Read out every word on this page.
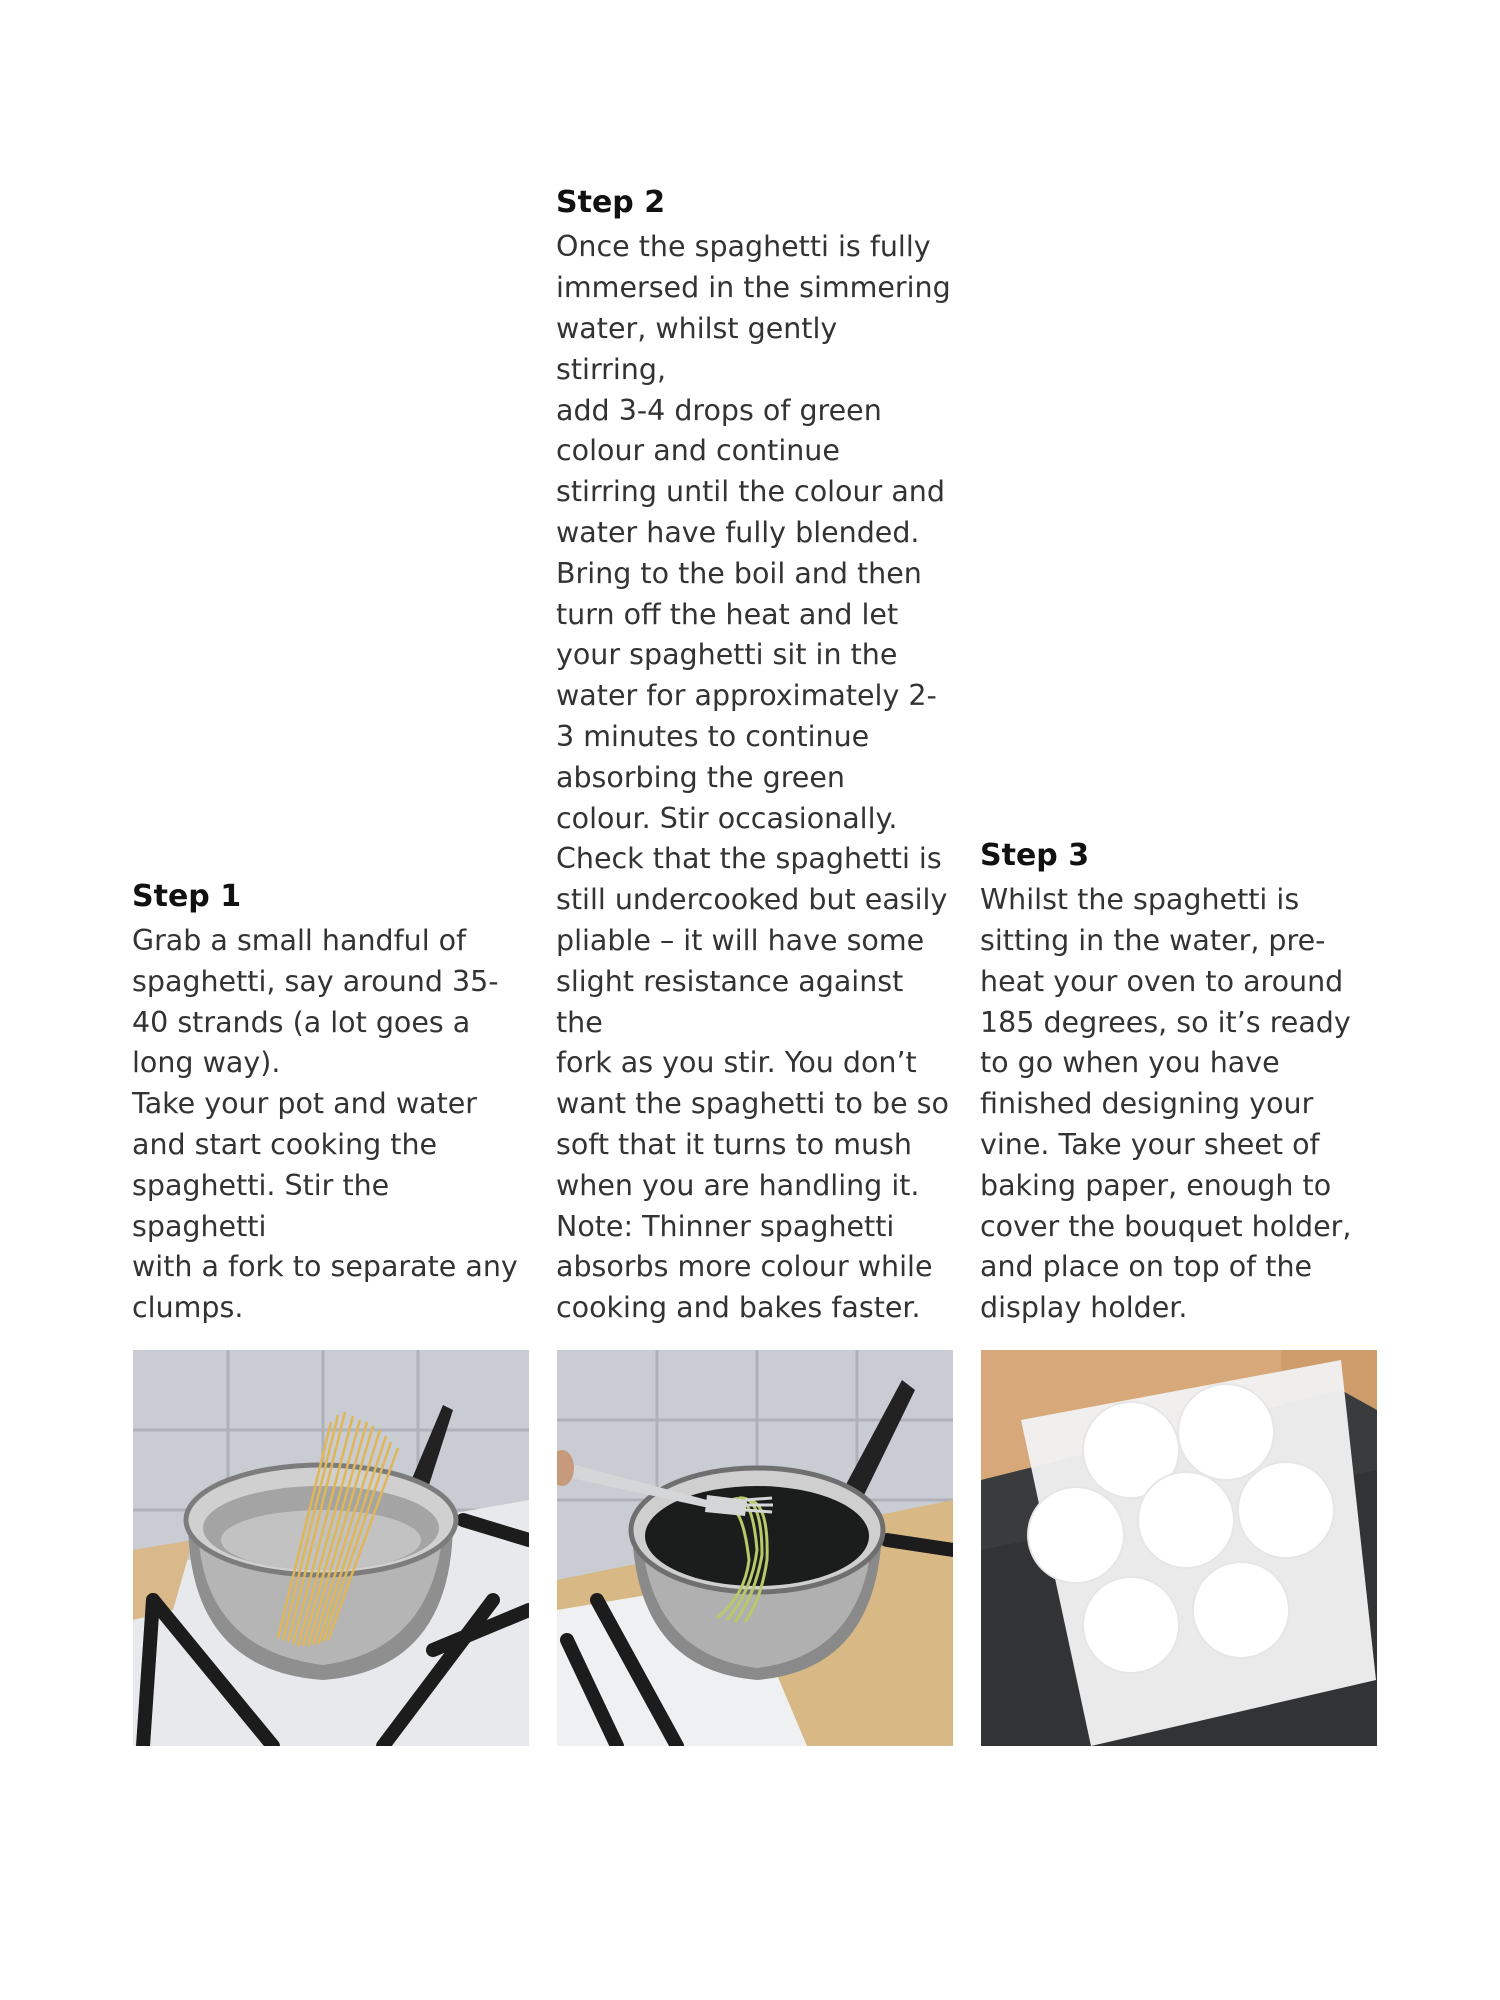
Step 1

Grab a small handful of
spaghetti, say around 35-
40 strands (a lot goes a
long way).
Take your pot and water
and start cooking the
spaghetti. Stir the spaghetti
with a fork to separate any
clumps.

Step 2

Once the spaghetti is fully
immersed in the simmering
water, whilst gently stirring,
add 3-4 drops of green
colour and continue
stirring until the colour and
water have fully blended.
Bring to the boil and then
turn off the heat and let
your spaghetti sit in the
water for approximately 2-
3 minutes to continue
absorbing the green
colour. Stir occasionally.
Check that the spaghetti is
still undercooked but easily
pliable – it will have some
slight resistance against the
fork as you stir. You don’t
want the spaghetti to be so
soft that it turns to mush
when you are handling it.
Note: Thinner spaghetti
absorbs more colour while
cooking and bakes faster.

Step 3

Whilst the spaghetti is
sitting in the water, pre-
heat your oven to around
185 degrees, so it’s ready
to go when you have
finished designing your
vine. Take your sheet of
baking paper, enough to
cover the bouquet holder,
and place on top of the
display holder.
